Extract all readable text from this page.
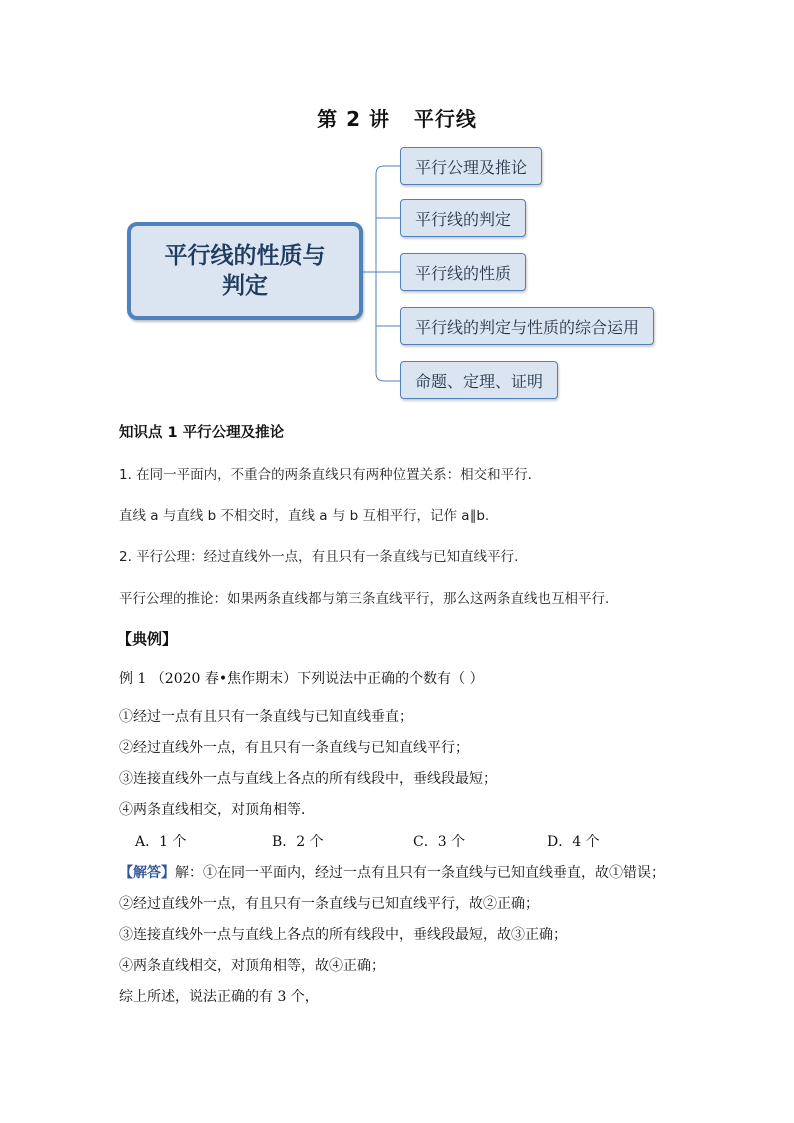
第 2 讲   平行线
平行线的性质与判定
平行公理及推论
平行线的判定
平行线的性质
平行线的判定与性质的综合运用
命题、定理、证明
知识点 1 平行公理及推论
1. 在同一平面内，不重合的两条直线只有两种位置关系：相交和平行.
直线 a 与直线 b 不相交时，直线 a 与 b 互相平行，记作 a∥b.
2. 平行公理：经过直线外一点，有且只有一条直线与已知直线平行.
平行公理的推论：如果两条直线都与第三条直线平行，那么这两条直线也互相平行.
【典例】
例 1 （2020 春•焦作期末）下列说法中正确的个数有（ ）
①经过一点有且只有一条直线与已知直线垂直；
②经过直线外一点，有且只有一条直线与已知直线平行；
③连接直线外一点与直线上各点的所有线段中，垂线段最短；
④两条直线相交，对顶角相等．
A．1 个	B．2 个	C．3 个	D．4 个
【解答】解：①在同一平面内，经过一点有且只有一条直线与已知直线垂直，故①错误；
②经过直线外一点，有且只有一条直线与已知直线平行，故②正确；
③连接直线外一点与直线上各点的所有线段中，垂线段最短，故③正确；
④两条直线相交，对顶角相等，故④正确；
综上所述，说法正确的有 3 个，
